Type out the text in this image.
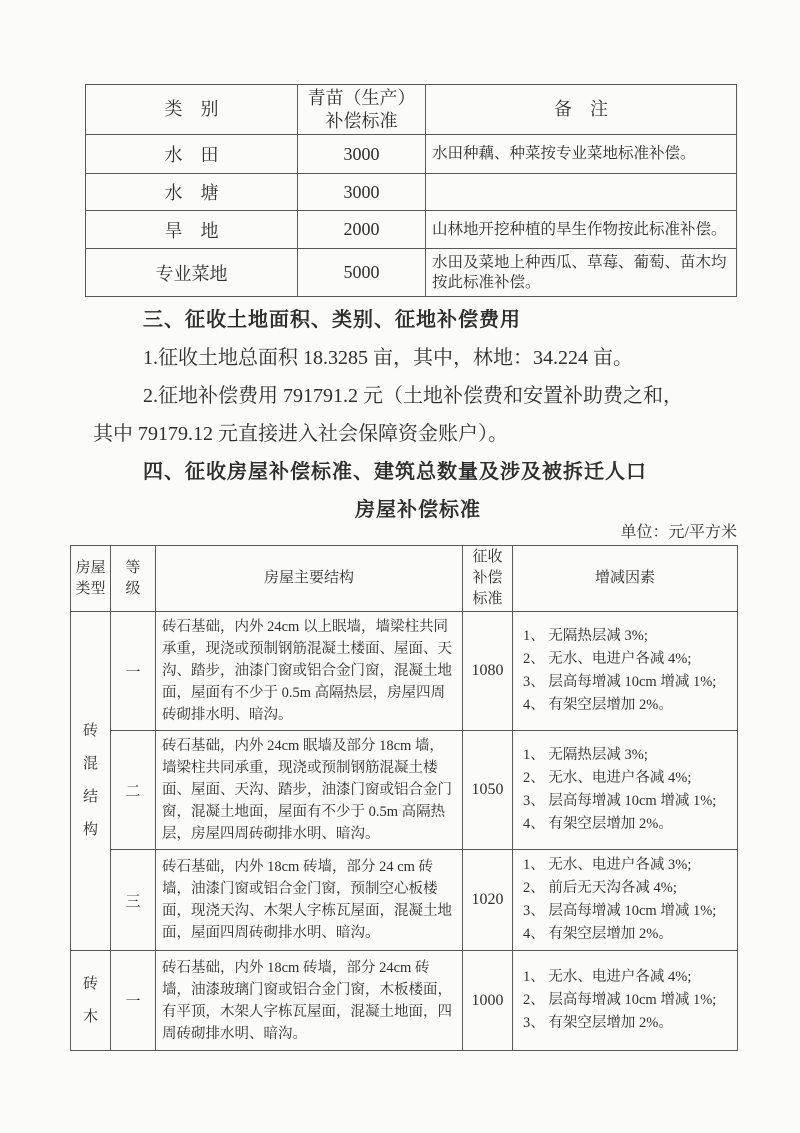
类　别	青苗（生产）
补偿标准	备　注
水　田	3000	水田种藕、种菜按专业菜地标准补偿。
水　塘	3000	
旱　地	2000	山林地开挖种植的旱生作物按此标准补偿。
专业菜地	5000	水田及菜地上种西瓜、草莓、葡萄、苗木均按此标准补偿。
三、征收土地面积、类别、征地补偿费用
1.征收土地总面积 18.3285 亩，其中，林地：34.224 亩。
2.征地补偿费用 791791.2 元（土地补偿费和安置补助费之和，
其中 79179.12 元直接进入社会保障资金账户）。
四、征收房屋补偿标准、建筑总数量及涉及被拆迁人口
房屋补偿标准
单位：元/平方米
房屋类型	等级	房屋主要结构	征收补偿标准	增减因素

砖混结构	一	砖石基础，内外 24cm 以上眠墙，墙梁柱共同承重，现浇或预制钢筋混凝土楼面、屋面、天沟、踏步，油漆门窗或铝合金门窗，混凝土地面，屋面有不少于 0.5m 高隔热层，房屋四周砖砌排水明、暗沟。	1080	1、 无隔热层减 3%;
2、 无水、电进户各减 4%;
3、 层高每增减 10cm 增减 1%;
4、 有架空层增加 2%。

	二	砖石基础，内外 24cm 眠墙及部分 18cm 墙，墙梁柱共同承重，现浇或预制钢筋混凝土楼面、屋面、天沟、踏步，油漆门窗或铝合金门窗，混凝土地面，屋面有不少于 0.5m 高隔热层，房屋四周砖砌排水明、暗沟。	1050	1、 无隔热层减 3%;
2、 无水、电进户各减 4%;
3、 层高每增减 10cm 增减 1%;
4、 有架空层增加 2%。

	三	砖石基础，内外 18cm 砖墙，部分 24 cm 砖墙，油漆门窗或铝合金门窗，预制空心板楼面，现浇天沟、木架人字栋瓦屋面，混凝土地面，屋面四周砖砌排水明、暗沟。	1020	1、 无水、电进户各减 3%;
2、 前后无天沟各减 4%;
3、 层高每增减 10cm 增减 1%;
4、 有架空层增加 2%。

砖木	一	砖石基础，内外 18cm 砖墙，部分 24cm 砖墙，油漆玻璃门窗或铝合金门窗，木板楼面，有平顶，木架人字栋瓦屋面，混凝土地面，四周砖砌排水明、暗沟。	1000	1、 无水、电进户各减 4%;
2、 层高每增减 10cm 增减 1%;
3、 有架空层增加 2%。
